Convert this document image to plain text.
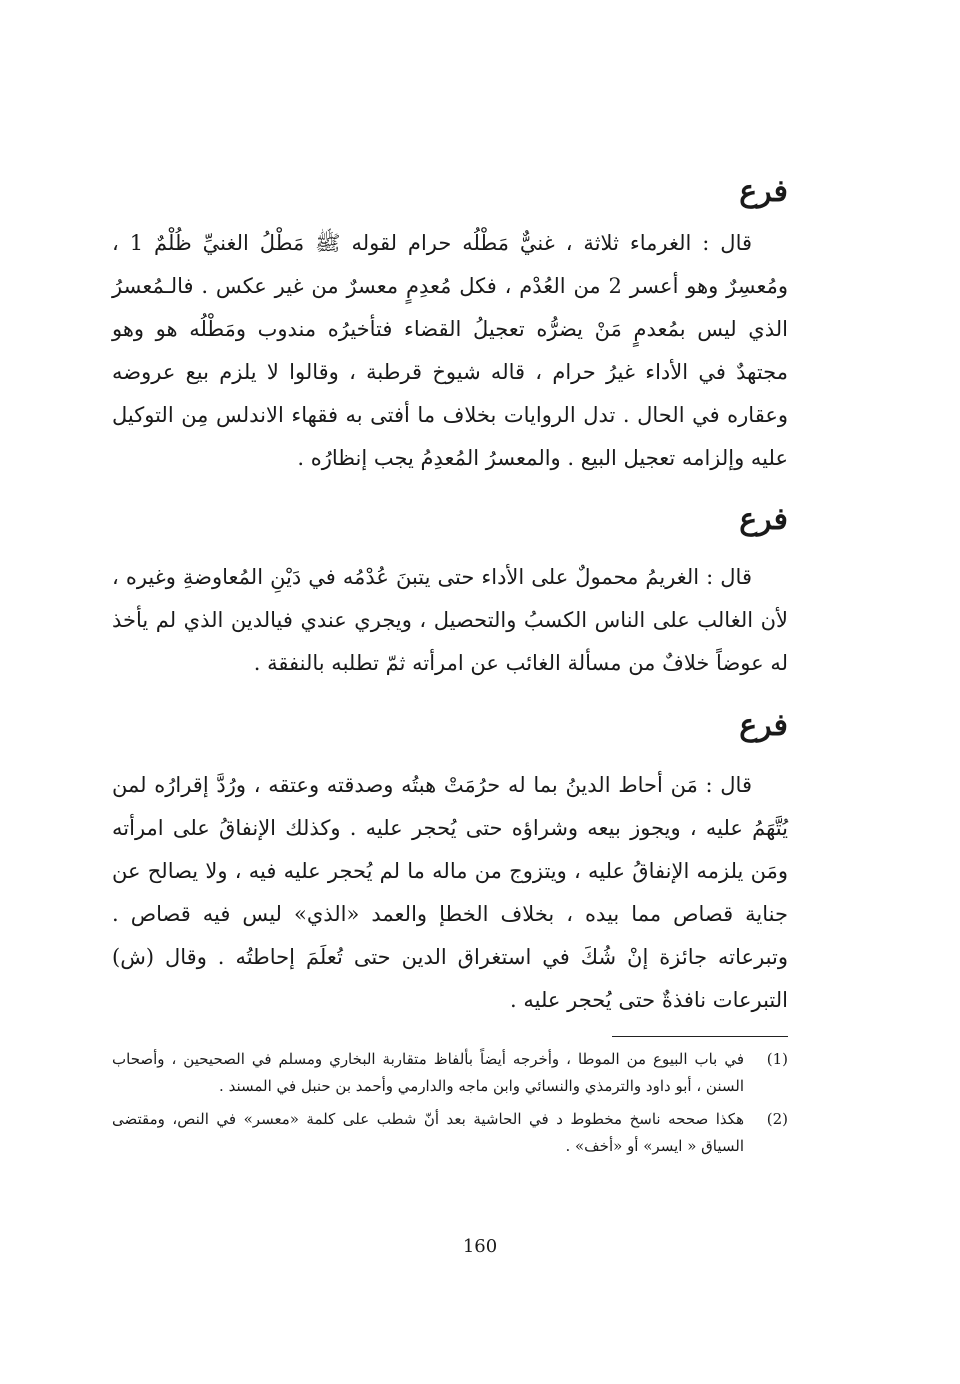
فرع

قال : الغرماء ثلاثة ، غنيٌّ مَطْلُه حرام لقوله ﷺ مَطْلُ الغنيِّ ظُلْمٌ 1 ، ومُعسِرٌ وهو أعسر 2 من العُدْم ، فكل مُعدِمٍ معسرٌ من غير عكس . فالـمُعسرُ الذي ليس بمُعدمٍ مَنْ يضرُّه تعجيلُ القضاء فتأخيرُه مندوب ومَطْلُه هو وهو مجتهدٌ في الأداء غيرُ حرام ، قاله شيوخ قرطبة ، وقالوا لا يلزم بيع عروضه وعقاره في الحال . تدل الروايات بخلاف ما أفتى به فقهاء الاندلس مِن التوكيل عليه وإلزامه تعجيل البيع . والمعسرُ المُعدِمُ يجب إنظارُه .

فرع

قال : الغريمُ محمولٌ على الأداء حتى يتبنَ عُدْمُه في دَيْنِ المُعاوضةِ وغيره ، لأن الغالب على الناس الكسبُ والتحصيل ، ويجري عندي فيالدين الذي لم يأخذ له عوضاً خلافٌ من مسألة الغائب عن امرأته ثمّ تطلبه بالنفقة .

فرع

قال : مَن أحاط الدينُ بما له حرُمَتْ هبتُه وصدقته وعتقه ، ورُدَّ إقرارُه لمن يُتَّهَمُ عليه ، ويجوز بيعه وشراؤه حتى يُحجر عليه . وكذلك الإنفاقُ على امرأته ومَن يلزمه الإنفاقُ عليه ، ويتزوج من ماله ما لم يُحجر عليه فيه ، ولا يصالح عن جناية قصاص مما بيده ، بخلاف الخطإ والعمد «الذي» ليس فيه قصاص . وتبرعاته جائزة إنْ شُكَ في استغراق الدين حتى تُعلَمَ إحاطتُه . وقال (ش) التبرعات نافذةٌ حتى يُحجر عليه .

(1)
في باب البيوع من الموطا ، وأخرجه أيضاً بألفاظ متقاربة البخاري ومسلم في الصحيحين ، وأصحاب السنن ، أبو داود والترمذي والنسائي وابن ماجه والدارمي وأحمد بن حنبل في المسند .
(2)
هكذا صححه ناسخ مخطوط د في الحاشية بعد أنّ شطب على كلمة «معسر» في النص، ومقتضى السياق « ايسر» أو «أخف» .
160
